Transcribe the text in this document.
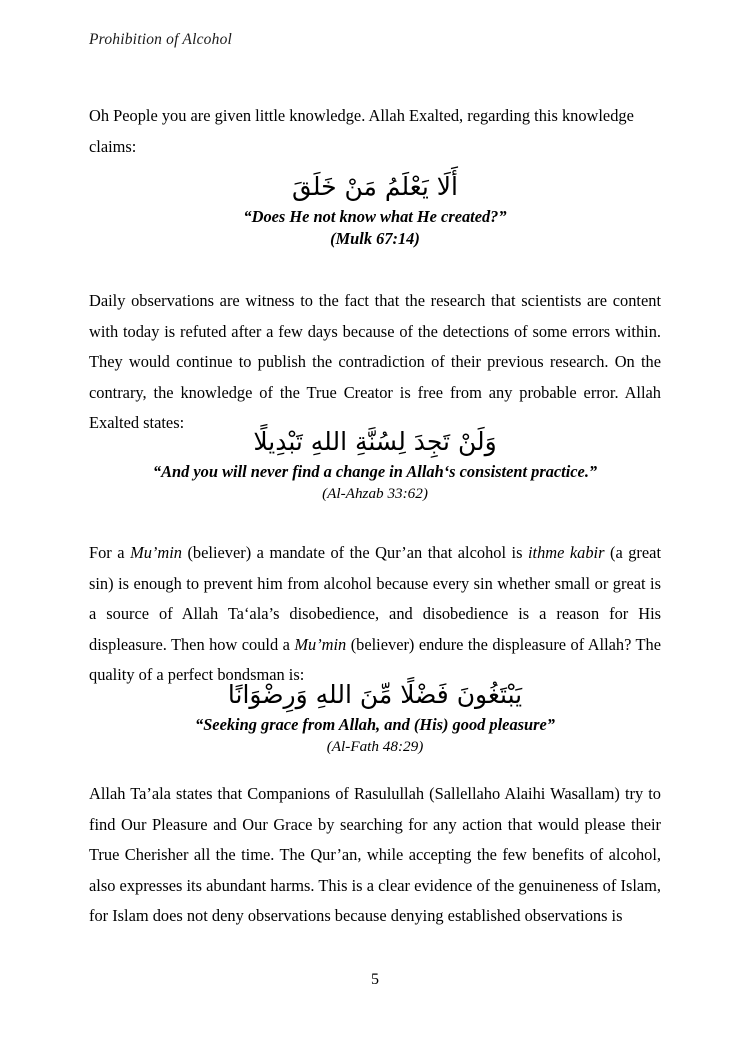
Prohibition of Alcohol

Oh People you are given little knowledge. Allah Exalted, regarding this knowledge claims:

أَلَا يَعْلَمُ مَنْ خَلَقَ
“Does He not know what He created?”
(Mulk 67:14)

Daily observations are witness to the fact that the research that scientists are content with today is refuted after a few days because of the detections of some errors within. They would continue to publish the contradiction of their previous research. On the contrary, the knowledge of the True Creator is free from any probable error. Allah Exalted states:

وَلَنْ تَجِدَ لِسُنَّةِ اللهِ تَبْدِيلًا
“And you will never find a change in Allah‘s consistent practice.”
(Al-Ahzab 33:62)

For a Mu’min (believer) a mandate of the Qur’an that alcohol is ithme kabir (a great sin) is enough to prevent him from alcohol because every sin whether small or great is a source of Allah Ta‘ala’s disobedience, and disobedience is a reason for His displeasure. Then how could a Mu’min (believer) endure the displeasure of Allah? The quality of a perfect bondsman is:

يَبْتَغُونَ فَضْلًا مِّنَ اللهِ وَرِضْوَانًا
“Seeking grace from Allah, and (His) good pleasure”
(Al-Fath 48:29)

Allah Ta’ala states that Companions of Rasulullah (Sallellaho Alaihi Wasallam) try to find Our Pleasure and Our Grace by searching for any action that would please their True Cherisher all the time. The Qur’an, while accepting the few benefits of alcohol, also expresses its abundant harms. This is a clear evidence of the genuineness of Islam, for Islam does not deny observations because denying established observations is

5
